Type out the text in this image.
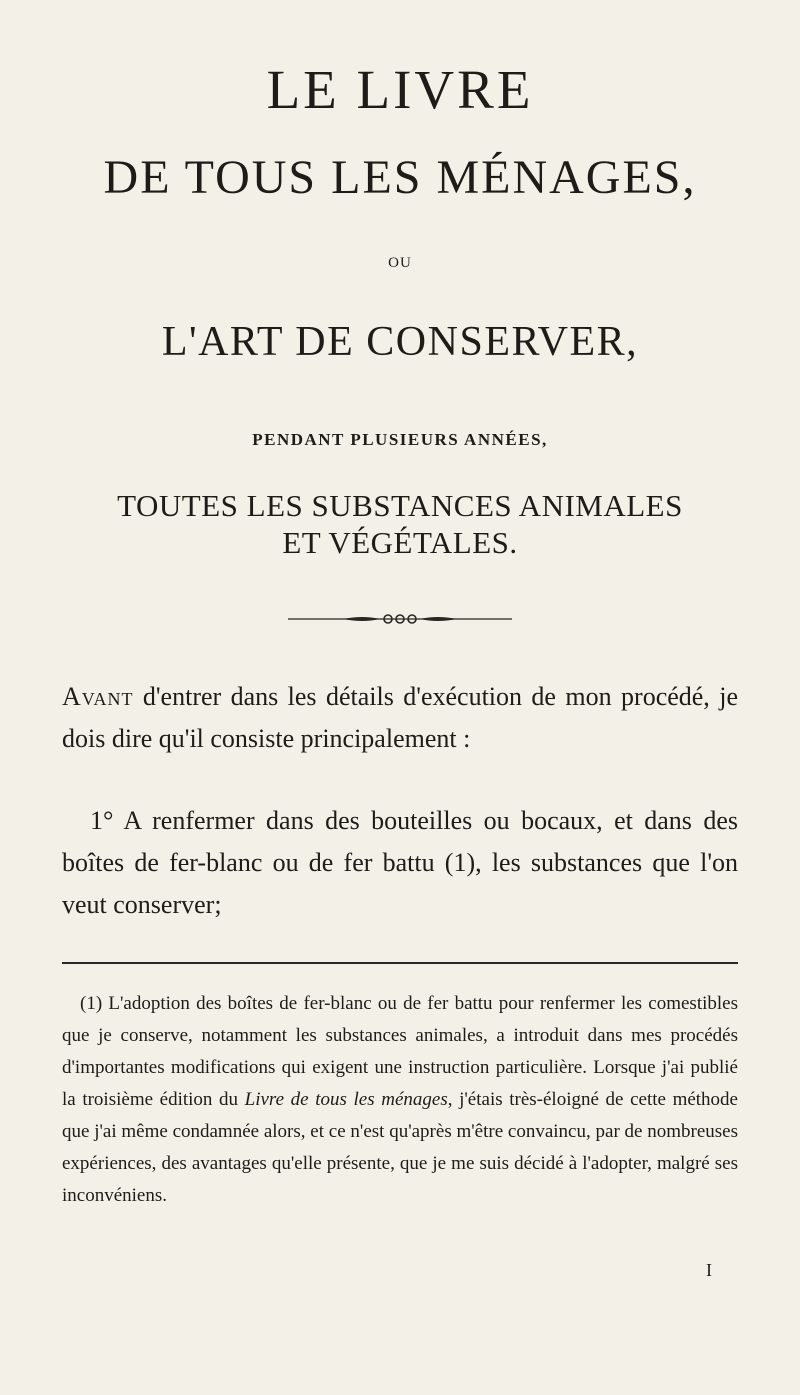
LE LIVRE
DE TOUS LES MÉNAGES,
OU
L'ART DE CONSERVER,
PENDANT PLUSIEURS ANNÉES,
TOUTES LES SUBSTANCES ANIMALES
ET VÉGÉTALES.
Avant d'entrer dans les détails d'exécution de mon procédé, je dois dire qu'il consiste principalement :
1° A renfermer dans des bouteilles ou bocaux, et dans des boîtes de fer-blanc ou de fer battu (1), les substances que l'on veut conserver;
(1) L'adoption des boîtes de fer-blanc ou de fer battu pour renfermer les comestibles que je conserve, notamment les substances animales, a introduit dans mes procédés d'importantes modifications qui exigent une instruction particulière. Lorsque j'ai publié la troisième édition du Livre de tous les ménages, j'étais très-éloigné de cette méthode que j'ai même condamnée alors, et ce n'est qu'après m'être convaincu, par de nombreuses expériences, des avantages qu'elle présente, que je me suis décidé à l'adopter, malgré ses inconvéniens.
I
